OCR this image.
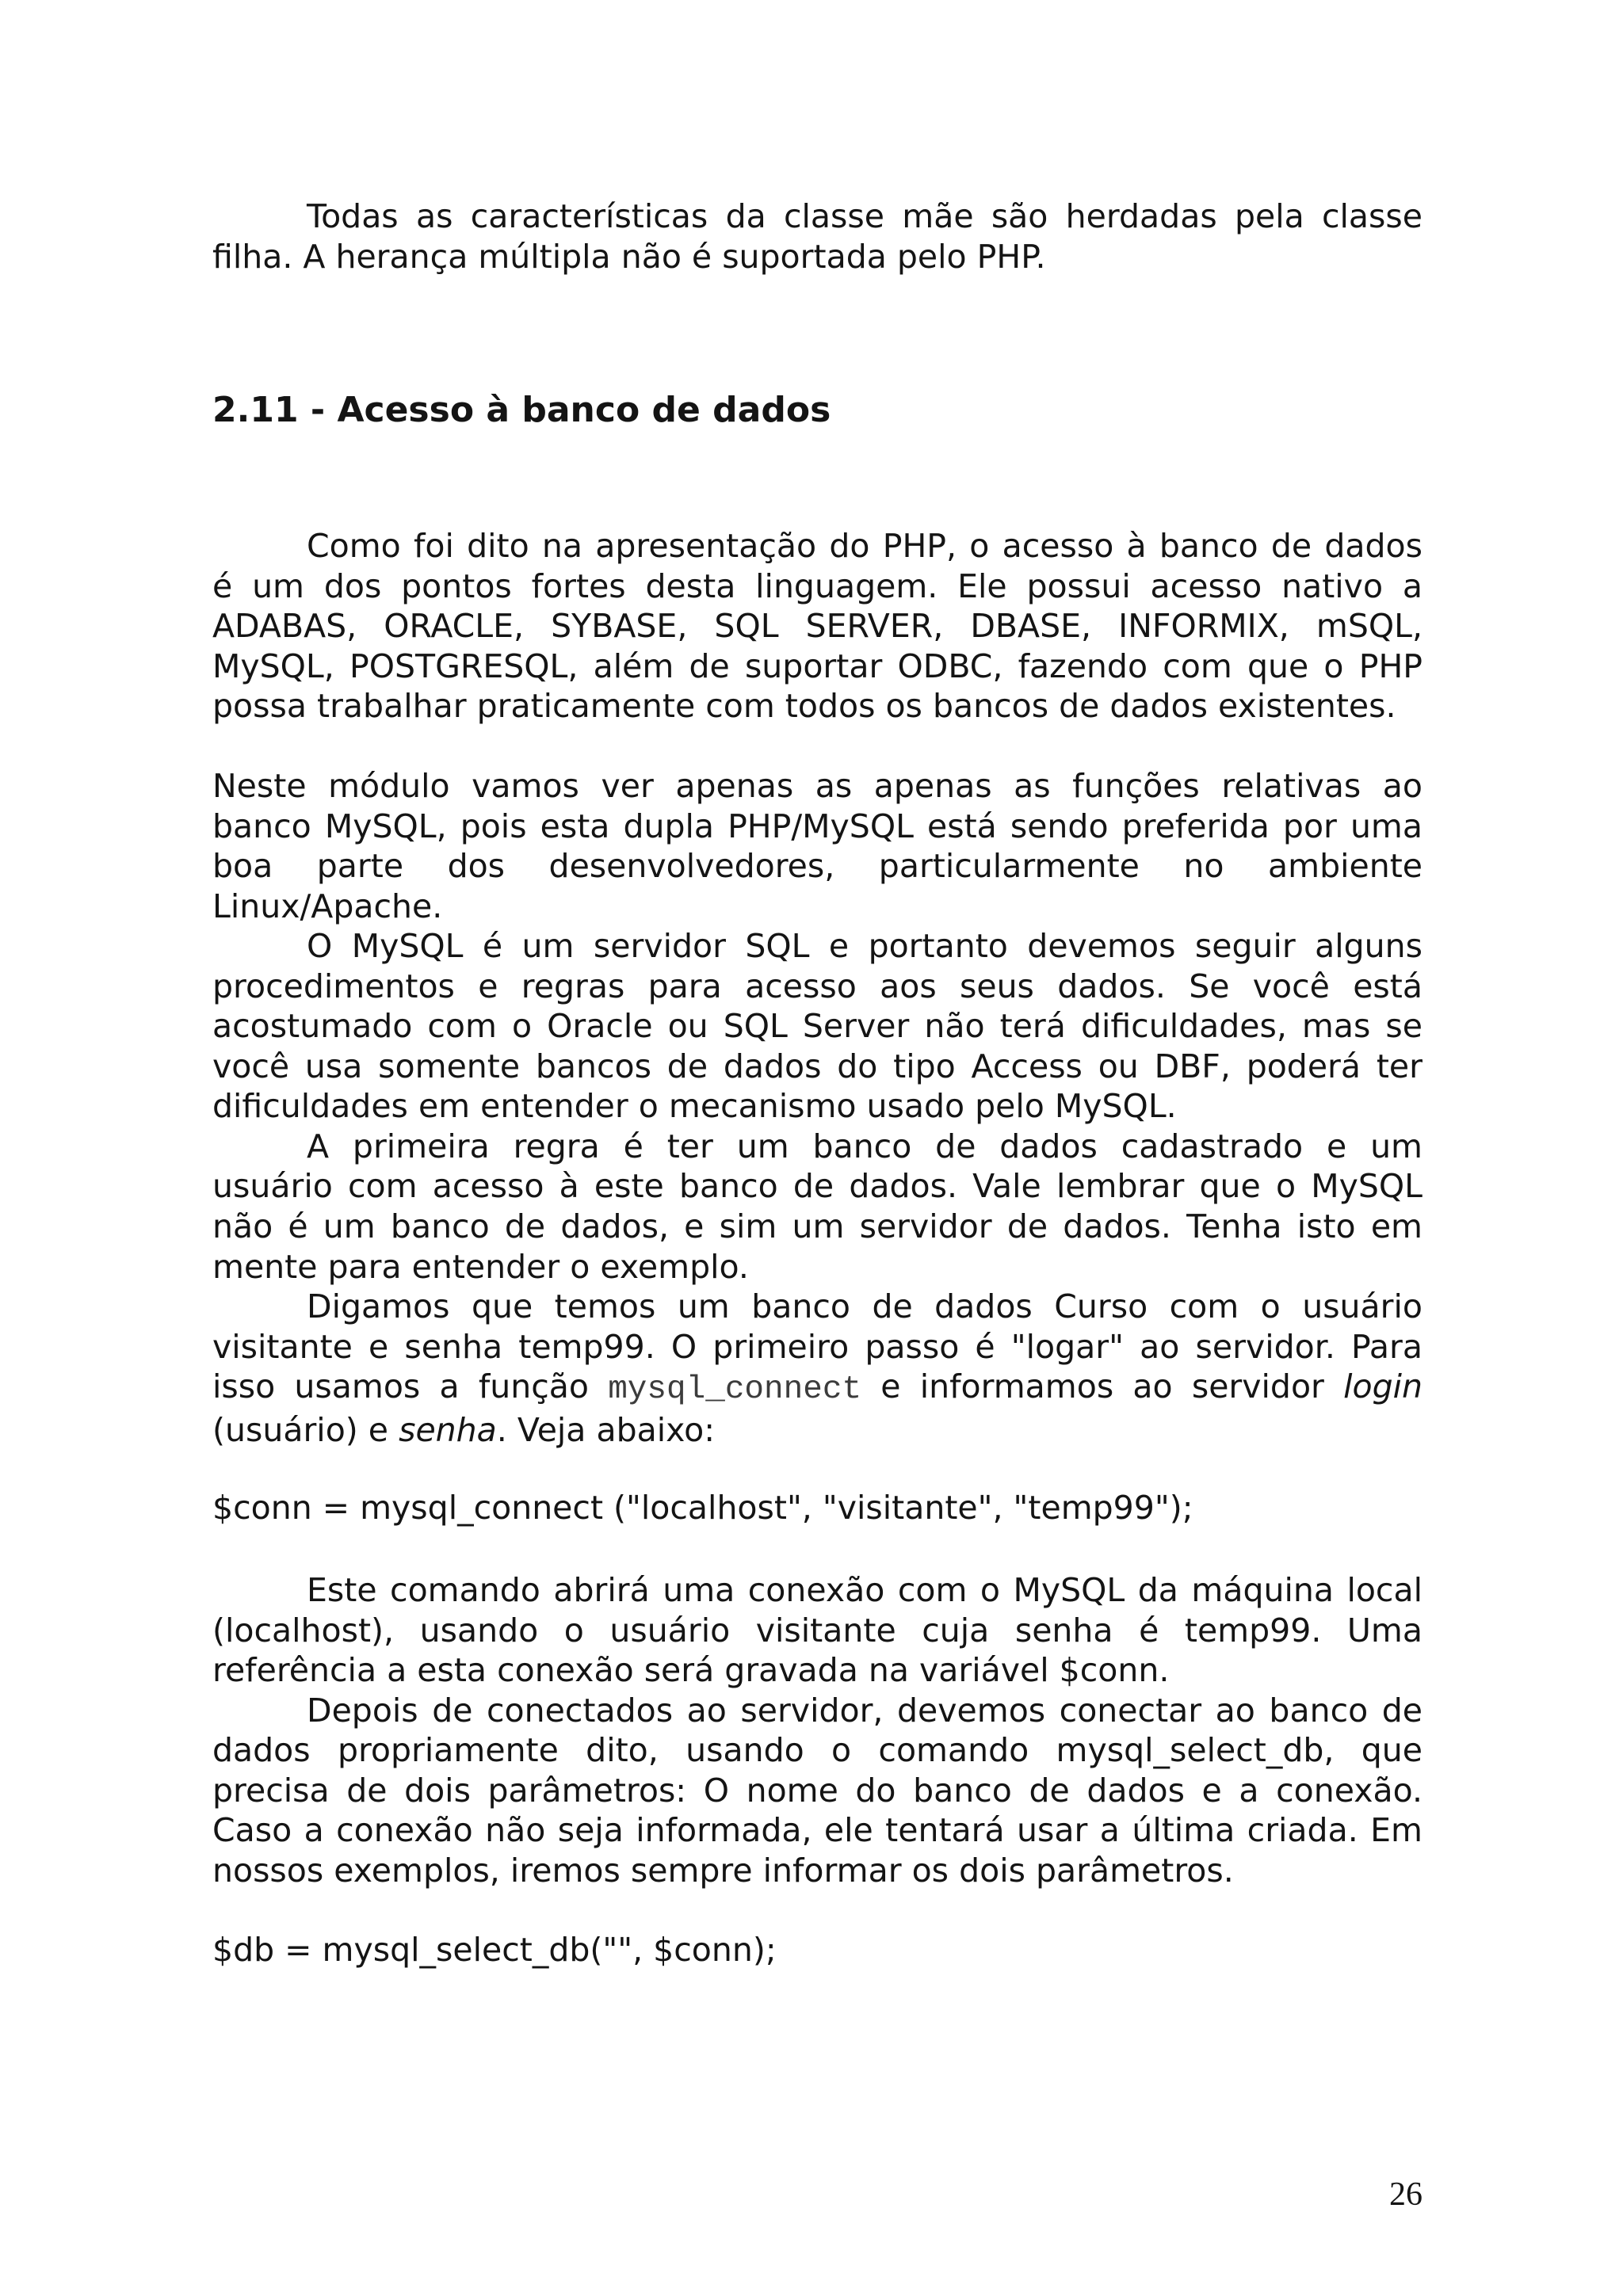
Todas as características da classe mãe são herdadas pela classe
filha. A herança múltipla não é suportada pelo PHP.
2.11 - Acesso à banco de dados
Como foi dito na apresentação do PHP, o acesso à banco de dados
é um dos pontos fortes desta linguagem. Ele possui acesso nativo a
ADABAS, ORACLE, SYBASE, SQL SERVER, DBASE, INFORMIX, mSQL,
MySQL, POSTGRESQL, além de suportar ODBC, fazendo com que o PHP
possa trabalhar praticamente com todos os bancos de dados existentes.
Neste módulo vamos ver apenas as apenas as funções relativas ao
banco MySQL, pois esta dupla PHP/MySQL está sendo preferida por uma
boa parte dos desenvolvedores, particularmente no ambiente
Linux/Apache.
O MySQL é um servidor SQL e portanto devemos seguir alguns
procedimentos e regras para acesso aos seus dados. Se você está
acostumado com o Oracle ou SQL Server não terá dificuldades, mas se
você usa somente bancos de dados do tipo Access ou DBF, poderá ter
dificuldades em entender o mecanismo usado pelo MySQL.
A primeira regra é ter um banco de dados cadastrado e um
usuário com acesso à este banco de dados. Vale lembrar que o MySQL
não é um banco de dados, e sim um servidor de dados. Tenha isto em
mente para entender o exemplo.
Digamos que temos um banco de dados Curso com o usuário
visitante e senha temp99. O primeiro passo é "logar" ao servidor. Para
isso usamos a função mysql_connect e informamos ao servidor login
(usuário) e senha. Veja abaixo:
$conn = mysql_connect ("localhost", "visitante", "temp99");
Este comando abrirá uma conexão com o MySQL da máquina local
(localhost), usando o usuário visitante cuja senha é temp99. Uma
referência a esta conexão será gravada na variável $conn.
Depois de conectados ao servidor, devemos conectar ao banco de
dados propriamente dito, usando o comando mysql_select_db, que
precisa de dois parâmetros: O nome do banco de dados e a conexão.
Caso a conexão não seja informada, ele tentará usar a última criada. Em
nossos exemplos, iremos sempre informar os dois parâmetros.
$db = mysql_select_db("", $conn);
26
